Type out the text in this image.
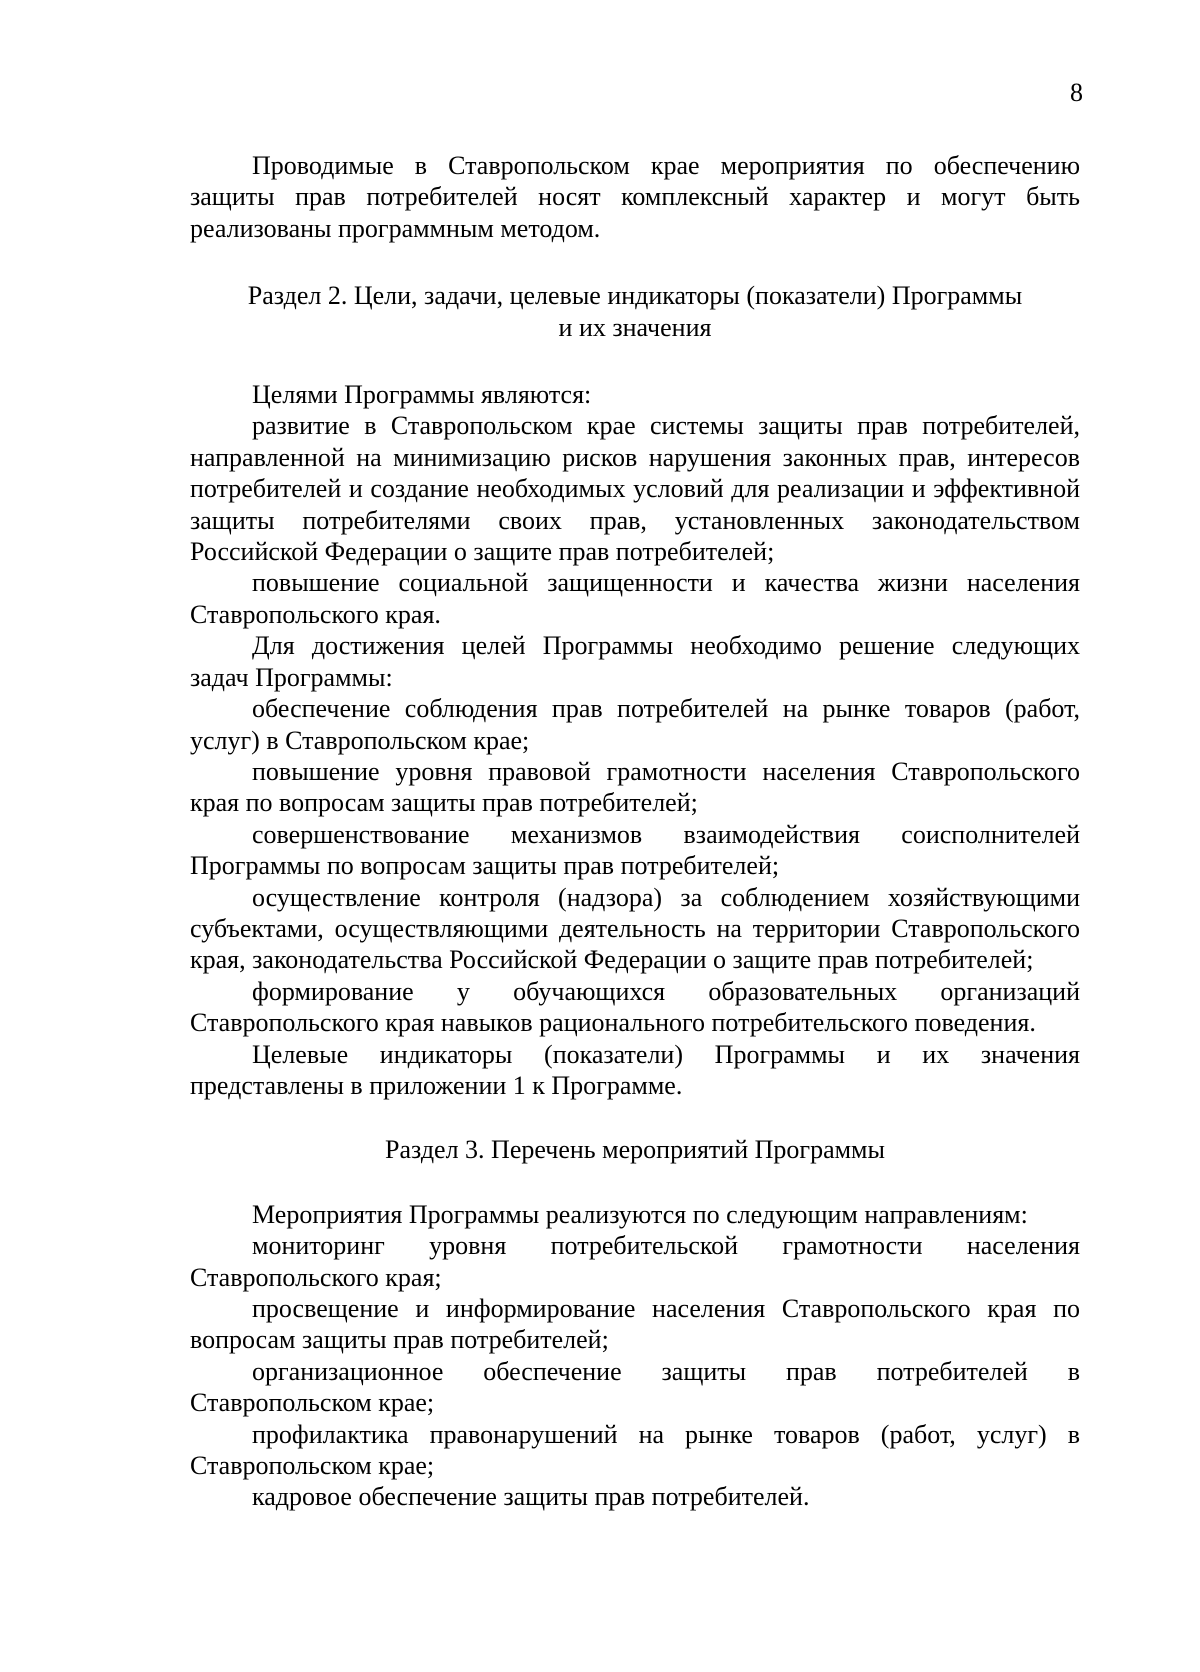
8

Проводимые в Ставропольском крае мероприятия по обеспечению защиты прав потребителей носят комплексный характер и могут быть реализованы программным методом.

Раздел 2. Цели, задачи, целевые индикаторы (показатели) Программы

и их значения

Целями Программы являются:

развитие в Ставропольском крае системы защиты прав потребителей, направленной на минимизацию рисков нарушения законных прав, интересов потребителей и создание необходимых условий для реализации и эффективной защиты потребителями своих прав, установленных законодательством Российской Федерации о защите прав потребителей;

повышение социальной защищенности и качества жизни населения Ставропольского края.

Для достижения целей Программы необходимо решение следующих задач Программы:

обеспечение соблюдения прав потребителей на рынке товаров (работ, услуг) в Ставропольском крае;

повышение уровня правовой грамотности населения Ставропольского края по вопросам защиты прав потребителей;

совершенствование механизмов взаимодействия соисполнителей Программы по вопросам защиты прав потребителей;

осуществление контроля (надзора) за соблюдением хозяйствующими субъектами, осуществляющими деятельность на территории Ставропольского края, законодательства Российской Федерации о защите прав потребителей;

формирование у обучающихся образовательных организаций Ставропольского края навыков рационального потребительского поведения.

Целевые индикаторы (показатели) Программы и их значения представлены в приложении 1 к Программе.

Раздел 3. Перечень мероприятий Программы

Мероприятия Программы реализуются по следующим направлениям:

мониторинг уровня потребительской грамотности населения Ставропольского края;

просвещение и информирование населения Ставропольского края по вопросам защиты прав потребителей;

организационное обеспечение защиты прав потребителей в Ставропольском крае;

профилактика правонарушений на рынке товаров (работ, услуг) в Ставропольском крае;

кадровое обеспечение защиты прав потребителей.
